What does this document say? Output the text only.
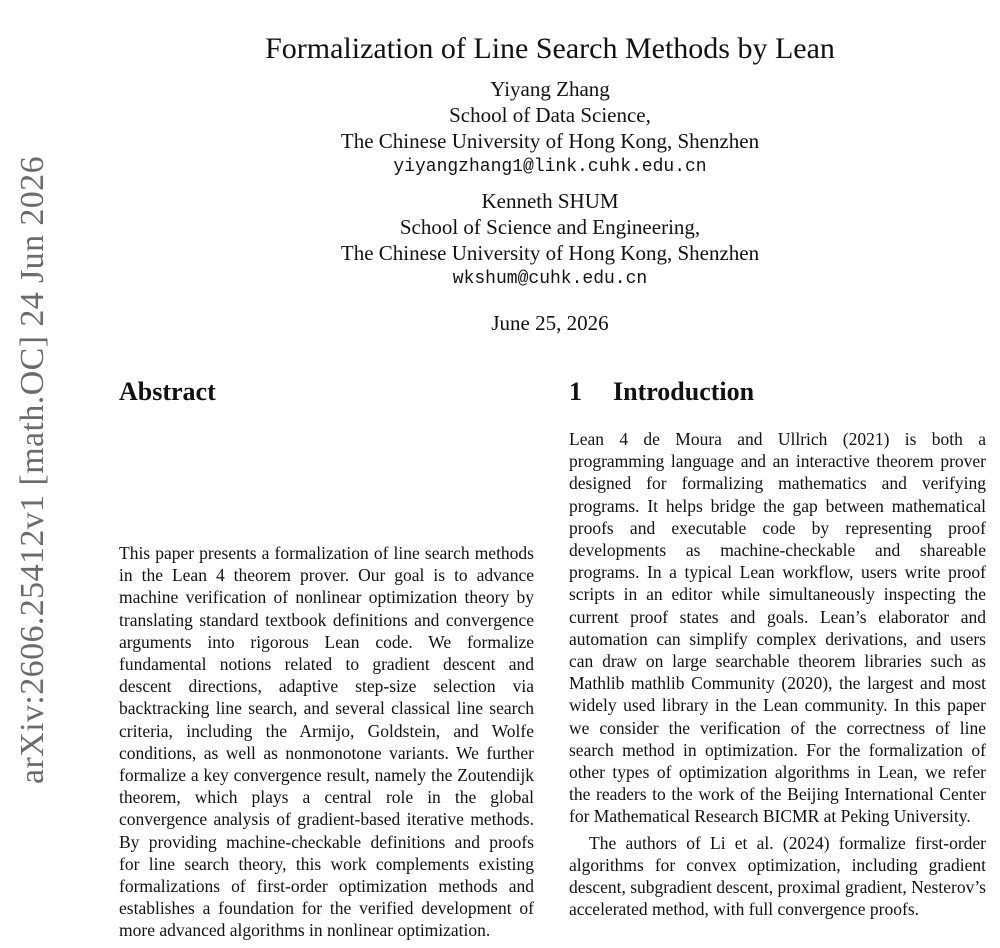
arXiv:2606.25412v1 [math.OC] 24 Jun 2026
Formalization of Line Search Methods by Lean
Yiyang Zhang
School of Data Science,
The Chinese University of Hong Kong, Shenzhen
yiyangzhang1@link.cuhk.edu.cn
Kenneth SHUM
School of Science and Engineering,
The Chinese University of Hong Kong, Shenzhen
wkshum@cuhk.edu.cn
June 25, 2026
Abstract

This paper presents a formalization of line search methods in the Lean 4 theorem prover. Our goal is to advance machine verification of nonlinear optimization theory by translating standard textbook definitions and convergence arguments into rigorous Lean code. We formalize fundamental notions related to gradient descent and descent directions, adaptive step-size selection via backtracking line search, and several classical line search criteria, including the Armijo, Goldstein, and Wolfe conditions, as well as nonmonotone variants. We further formalize a key convergence result, namely the Zoutendijk theorem, which plays a central role in the global convergence analysis of gradient-based iterative methods. By providing machine-checkable definitions and proofs for line search theory, this work complements existing formalizations of first-order optimization methods and establishes a foundation for the verified development of more advanced algorithms in nonlinear optimization.

1 Introduction

Lean 4 de Moura and Ullrich (2021) is both a programming language and an interactive theorem prover designed for formalizing mathematics and verifying programs. It helps bridge the gap between mathematical proofs and executable code by representing proof developments as machine-checkable and shareable programs. In a typical Lean workflow, users write proof scripts in an editor while simultaneously inspecting the current proof states and goals. Lean’s elaborator and automation can simplify complex derivations, and users can draw on large searchable theorem libraries such as Mathlib mathlib Community (2020), the largest and most widely used library in the Lean community. In this paper we consider the verification of the correctness of line search method in optimization. For the formalization of other types of optimization algorithms in Lean, we refer the readers to the work of the Beijing International Center for Mathematical Research BICMR at Peking University.

The authors of Li et al. (2024) formalize first-order algorithms for convex optimization, including gradient descent, subgradient descent, proximal gradient, Nesterov’s accelerated method, with full convergence proofs.
